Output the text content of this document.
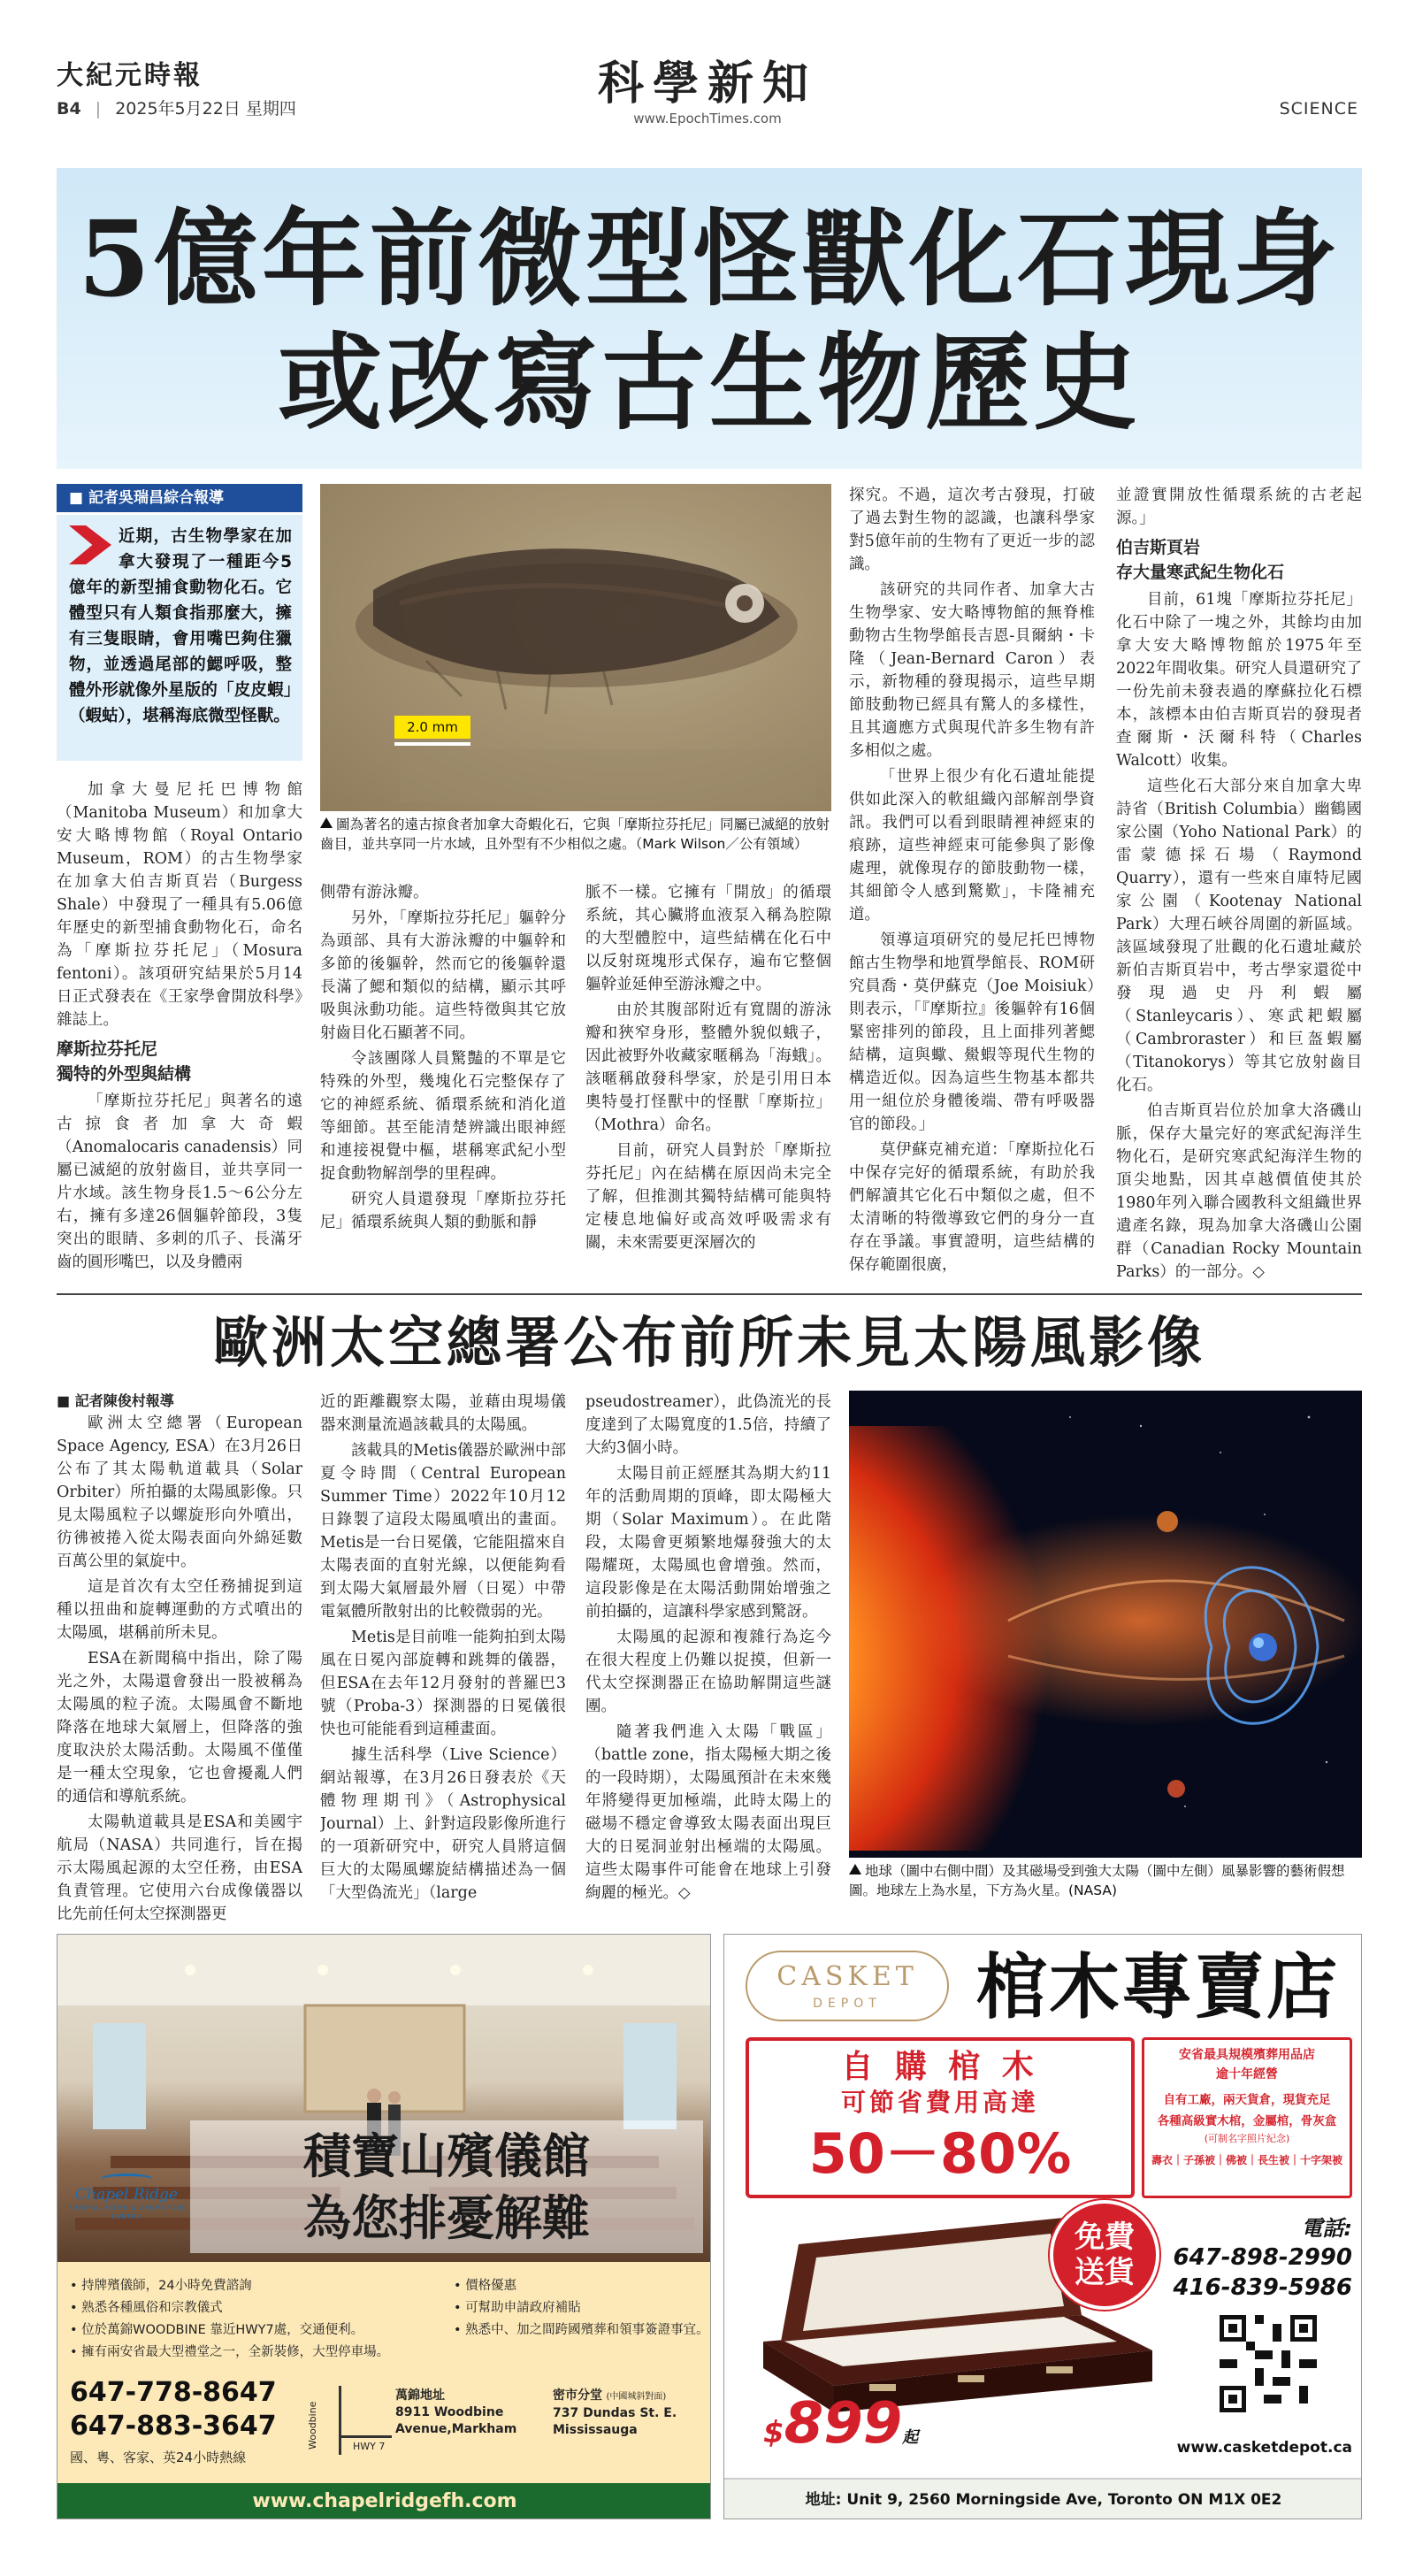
大紀元時報
B4 | 2025年5月22日 星期四	科學新知
www.EpochTimes.com	SCIENCE
5億年前微型怪獸化石現身
或改寫古生物歷史
■ 記者吳瑞昌綜合報導
近期，古生物學家在加拿大發現了一種距今5億年的新型捕食動物化石。它體型只有人類食指那麼大，擁有三隻眼睛，會用嘴巴夠住獵物，並透過尾部的鰓呼吸，整體外形就像外星版的「皮皮蝦」（蝦蛄），堪稱海底微型怪獸。
2.0 mm
圖為著名的遠古掠食者加拿大奇蝦化石，它與「摩斯拉芬托尼」同屬已滅絕的放射齒目，並共享同一片水域，且外型有不少相似之處。（Mark Wilson／公有領域）

加拿大曼尼托巴博物館（Manitoba Museum）和加拿大安大略博物館（Royal Ontario Museum，ROM）的古生物學家在加拿大伯吉斯頁岩（Burgess Shale）中發現了一種具有5.06億年歷史的新型捕食動物化石，命名為「摩斯拉芬托尼」（Mosura fentoni）。該項研究結果於5月14日正式發表在《王家學會開放科學》雜誌上。

摩斯拉芬托尼
獨特的外型與結構

「摩斯拉芬托尼」與著名的遠古掠食者加拿大奇蝦（Anomalocaris canadensis）同屬已滅絕的放射齒目，並共享同一片水域。該生物身長1.5～6公分左右，擁有多達26個軀幹節段，3隻突出的眼睛、多刺的爪子、長滿牙齒的圓形嘴巴，以及身體兩

側帶有游泳瓣。

另外，「摩斯拉芬托尼」軀幹分為頭部、具有大游泳瓣的中軀幹和多節的後軀幹，然而它的後軀幹還長滿了鰓和類似的結構，顯示其呼吸與泳動功能。這些特徵與其它放射齒目化石顯著不同。

令該團隊人員驚豔的不單是它特殊的外型，幾塊化石完整保存了它的神經系統、循環系統和消化道等細節。甚至能清楚辨識出眼神經和連接視覺中樞，堪稱寒武紀小型捉食動物解剖學的里程碑。

研究人員還發現「摩斯拉芬托尼」循環系統與人類的動脈和靜

脈不一樣。它擁有「開放」的循環系統，其心臟將血液泵入稱為腔隙的大型體腔中，這些結構在化石中以反射斑塊形式保存，遍布它整個軀幹並延伸至游泳瓣之中。

由於其腹部附近有寬闊的游泳瓣和狹窄身形，整體外貌似蛾子，因此被野外收藏家暱稱為「海蛾」。該暱稱啟發科學家，於是引用日本奧特曼打怪獸中的怪獸「摩斯拉」（Mothra）命名。

目前，研究人員對於「摩斯拉芬托尼」內在結構在原因尚未完全了解，但推測其獨特結構可能與特定棲息地偏好或高效呼吸需求有關，未來需要更深層次的

探究。不過，這次考古發現，打破了過去對生物的認識，也讓科學家對5億年前的生物有了更近一步的認識。

該研究的共同作者、加拿大古生物學家、安大略博物館的無脊椎動物古生物學館長吉恩-貝爾納・卡隆（Jean-Bernard Caron）表示，新物種的發現揭示，這些早期節肢動物已經具有驚人的多樣性，且其適應方式與現代許多生物有許多相似之處。

「世界上很少有化石遺址能提供如此深入的軟組織內部解剖學資訊。我們可以看到眼睛裡神經束的痕跡，這些神經束可能參與了影像處理，就像現存的節肢動物一樣，其細節令人感到驚歎」，卡隆補充道。

領導這項研究的曼尼托巴博物館古生物學和地質學館長、ROM研究員喬・莫伊蘇克（Joe Moisiuk）則表示，「『摩斯拉』後軀幹有16個緊密排列的節段，且上面排列著鰓結構，這與蠍、鱟蝦等現代生物的構造近似。因為這些生物基本都共用一組位於身體後端、帶有呼吸器官的節段。」

莫伊蘇克補充道：「摩斯拉化石中保存完好的循環系統，有助於我們解讀其它化石中類似之處，但不太清晰的特徵導致它們的身分一直存在爭議。事實證明，這些結構的保存範圍很廣，

並證實開放性循環系統的古老起源。」

伯吉斯頁岩
存大量寒武紀生物化石

目前，61塊「摩斯拉芬托尼」化石中除了一塊之外，其餘均由加拿大安大略博物館於1975年至2022年間收集。研究人員還研究了一份先前未發表過的摩蘇拉化石標本，該標本由伯吉斯頁岩的發現者查爾斯・沃爾科特（Charles Walcott）收集。

這些化石大部分來自加拿大卑詩省（British Columbia）幽鶴國家公園（Yoho National Park）的雷蒙德採石場（Raymond Quarry），還有一些來自庫特尼國家公園（Kootenay National Park）大理石峽谷周圍的新區域。該區域發現了壯觀的化石遺址藏於新伯吉斯頁岩中，考古學家還從中發現過史丹利蝦屬（Stanleycaris）、寒武耙蝦屬（Cambroraster）和巨盔蝦屬（Titanokorys）等其它放射齒目化石。

伯吉斯頁岩位於加拿大洛磯山脈，保存大量完好的寒武紀海洋生物化石，是研究寒武紀海洋生物的頂尖地點，因其卓越價值使其於1980年列入聯合國教科文組織世界遺產名錄，現為加拿大洛磯山公園群（Canadian Rocky Mountain Parks）的一部分。◇

歐洲太空總署公布前所未見太陽風影像
■ 記者陳俊村報導

歐洲太空總署（European Space Agency, ESA）在3月26日公布了其太陽軌道載具（Solar Orbiter）所拍攝的太陽風影像。只見太陽風粒子以螺旋形向外噴出，彷彿被捲入從太陽表面向外綿延數百萬公里的氣旋中。

這是首次有太空任務捕捉到這種以扭曲和旋轉運動的方式噴出的太陽風，堪稱前所未見。

ESA在新聞稿中指出，除了陽光之外，太陽還會發出一股被稱為太陽風的粒子流。太陽風會不斷地降落在地球大氣層上，但降落的強度取決於太陽活動。太陽風不僅僅是一種太空現象，它也會擾亂人們的通信和導航系統。

太陽軌道載具是ESA和美國宇航局（NASA）共同進行，旨在揭示太陽風起源的太空任務，由ESA負責管理。它使用六台成像儀器以比先前任何太空探測器更

近的距離觀察太陽，並藉由現場儀器來測量流過該載具的太陽風。

該載具的Metis儀器於歐洲中部夏令時間（Central European Summer Time）2022年10月12日錄製了這段太陽風噴出的畫面。Metis是一台日冕儀，它能阻擋來自太陽表面的直射光線，以便能夠看到太陽大氣層最外層（日冕）中帶電氣體所散射出的比較微弱的光。

Metis是目前唯一能夠拍到太陽風在日冕內部旋轉和跳舞的儀器，但ESA在去年12月發射的普羅巴3號（Proba-3）探測器的日冕儀很快也可能能看到這種畫面。

據生活科學（Live Science）網站報導，在3月26日發表於《天體物理期刊》（Astrophysical Journal）上、針對這段影像所進行的一項新研究中，研究人員將這個巨大的太陽風螺旋結構描述為一個「大型偽流光」（large

pseudostreamer），此偽流光的長度達到了太陽寬度的1.5倍，持續了大約3個小時。

太陽目前正經歷其為期大約11年的活動周期的頂峰，即太陽極大期（Solar Maximum）。在此階段，太陽會更頻繁地爆發強大的太陽耀斑，太陽風也會增強。然而，這段影像是在太陽活動開始增強之前拍攝的，這讓科學家感到驚訝。

太陽風的起源和複雜行為迄今在很大程度上仍難以捉摸，但新一代太空探測器正在協助解開這些謎團。

隨著我們進入太陽「戰區」（battle zone，指太陽極大期之後的一段時期），太陽風預計在未來幾年將變得更加極端，此時太陽上的磁場不穩定會導致太陽表面出現巨大的日冕洞並射出極端的太陽風。這些太陽事件可能會在地球上引發絢麗的極光。◇

地球（圖中右側中間）及其磁場受到強大太陽（圖中左側）風暴影響的藝術假想圖。地球左上為水星，下方為火星。(NASA)
積寶山殯儀館
為您排憂解難
Chapel Ridge
FUNERAL HOME & CREMATION CENTRE
• 持牌殯儀師，24小時免費諮詢
• 熟悉各種風俗和宗教儀式
• 位於萬錦WOODBINE 靠近HWY7處，交通便利。
• 擁有兩安省最大型禮堂之一，全新裝修，大型停車場。
• 價格優惠
• 可幫助申請政府補貼
• 熟悉中、加之間跨國殯葬和領事簽證事宜。
647-778-8647
647-883-3647
國、粵、客家、英24小時熱線
Woodbine	HWY 7
萬錦地址
8911 Woodbine Avenue,Markham
密市分堂 (中國城斜對面)
737 Dundas St. E. Mississauga
www.chapelridgefh.com
CASKET
DEPOT	棺木專賣店
自 購 棺 木
可節省費用高達
50－80%
安省最具規模殯葬用品店
逾十年經營
自有工廠，兩天貨倉，現貨充足
各種高級實木棺，金屬棺，骨灰盒
(可制名字照片紀念)
壽衣｜子孫被｜佛被｜長生被｜十字架被
免費
送貨
電話:
647-898-2990
416-839-5986
$899起
www.casketdepot.ca
地址: Unit 9, 2560 Morningside Ave, Toronto ON M1X 0E2
